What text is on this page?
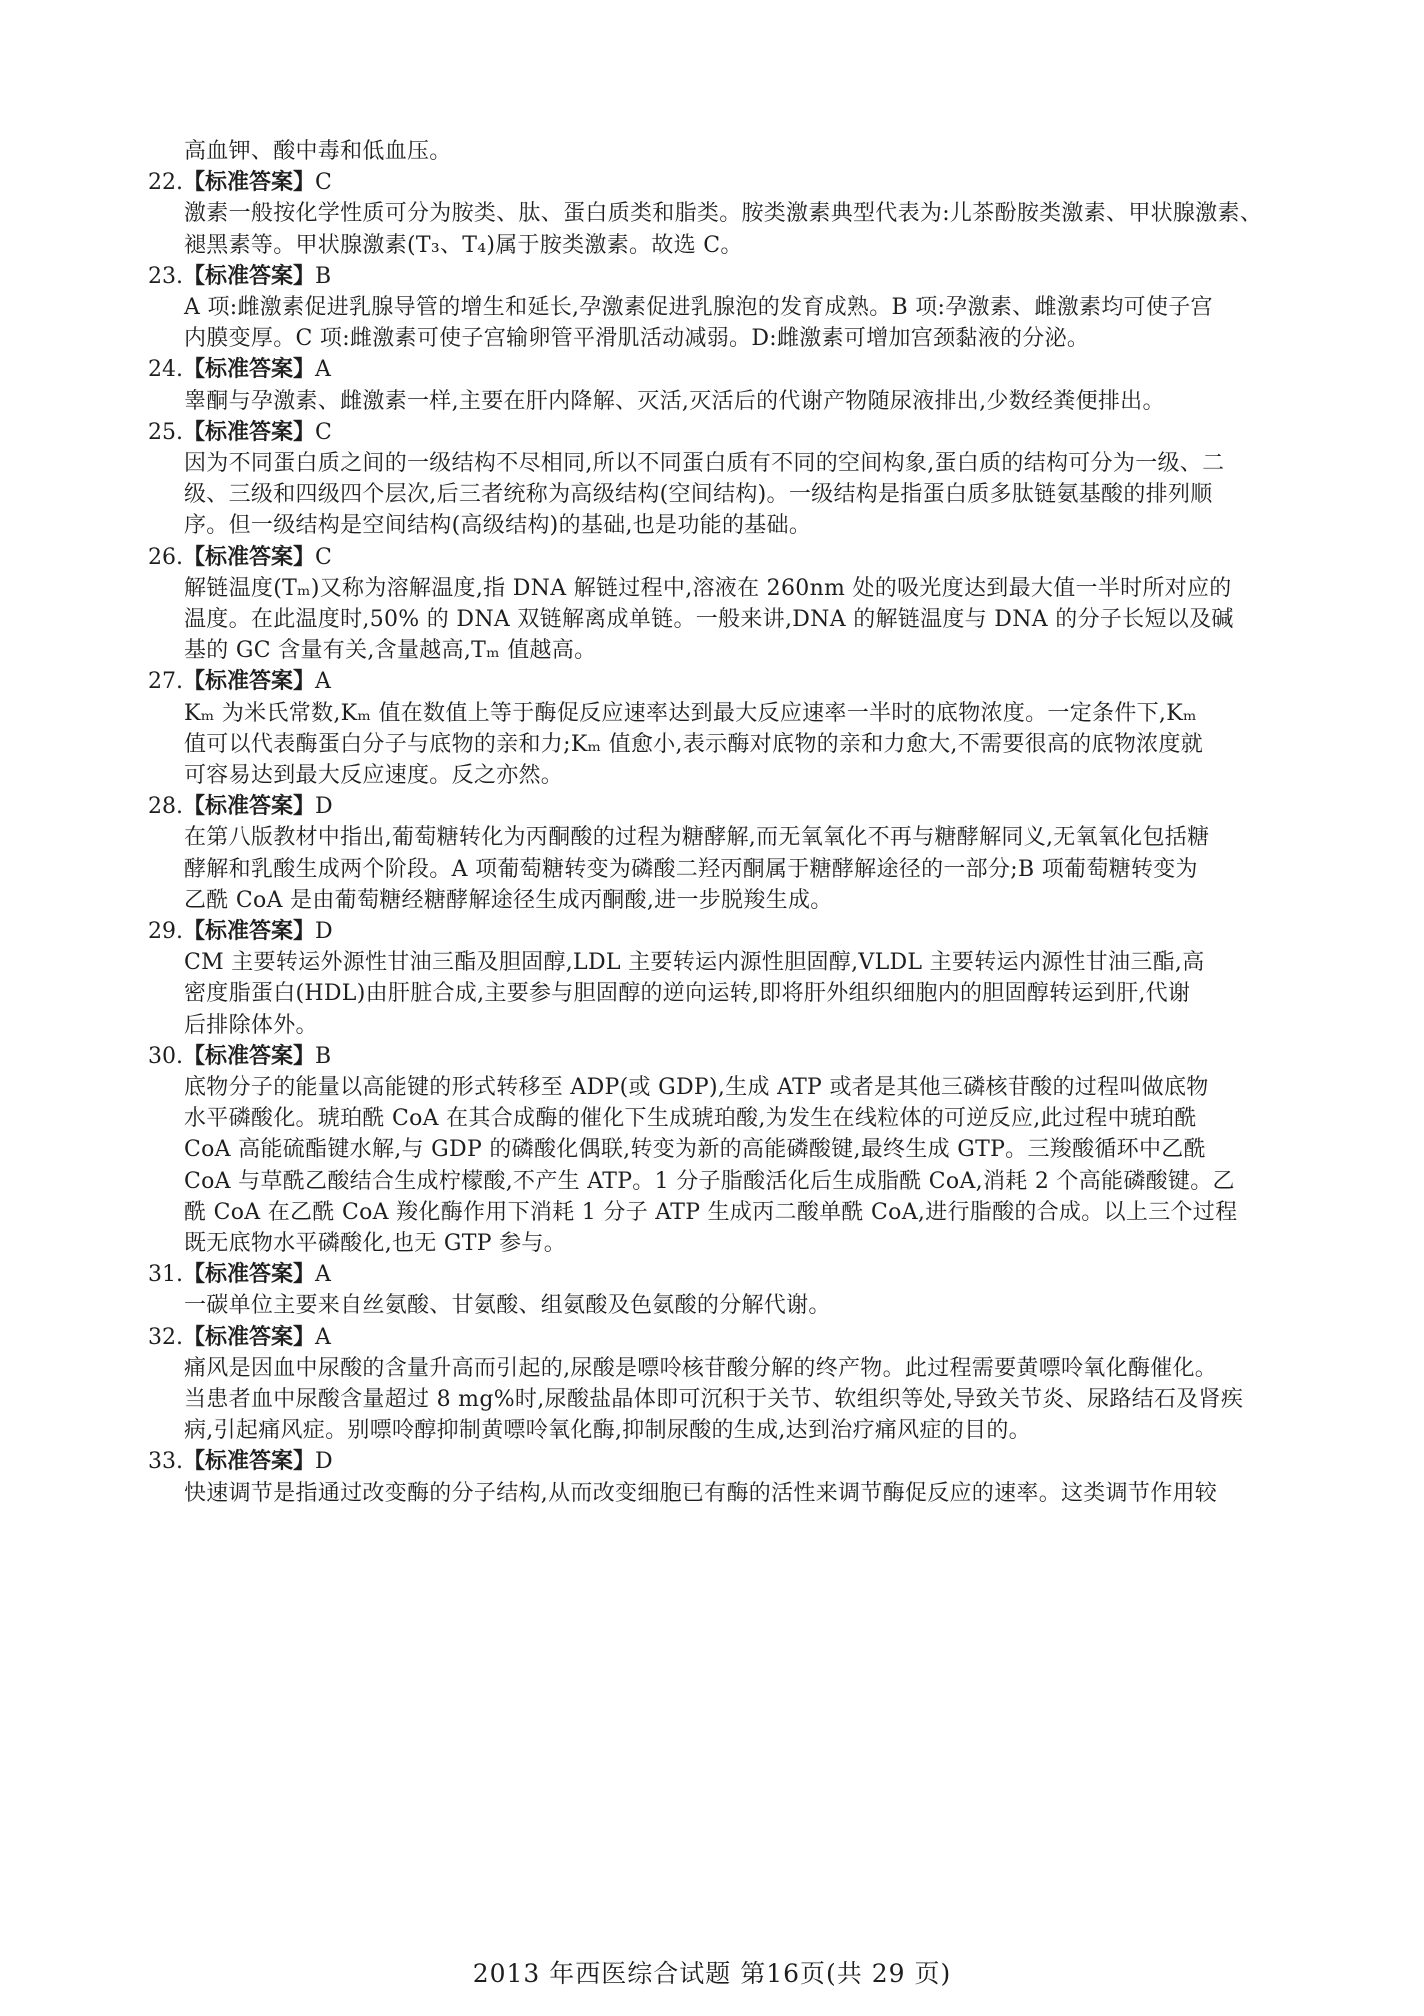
高血钾、酸中毒和低血压。
22.【标准答案】C
激素一般按化学性质可分为胺类、肽、蛋白质类和脂类。胺类激素典型代表为:儿茶酚胺类激素、甲状腺激素、
褪黑素等。甲状腺激素(T₃、T₄)属于胺类激素。故选 C。
23.【标准答案】B
A 项:雌激素促进乳腺导管的增生和延长,孕激素促进乳腺泡的发育成熟。B 项:孕激素、雌激素均可使子宫
内膜变厚。C 项:雌激素可使子宫输卵管平滑肌活动减弱。D:雌激素可增加宫颈黏液的分泌。
24.【标准答案】A
睾酮与孕激素、雌激素一样,主要在肝内降解、灭活,灭活后的代谢产物随尿液排出,少数经粪便排出。
25.【标准答案】C
因为不同蛋白质之间的一级结构不尽相同,所以不同蛋白质有不同的空间构象,蛋白质的结构可分为一级、二
级、三级和四级四个层次,后三者统称为高级结构(空间结构)。一级结构是指蛋白质多肽链氨基酸的排列顺
序。但一级结构是空间结构(高级结构)的基础,也是功能的基础。
26.【标准答案】C
解链温度(Tₘ)又称为溶解温度,指 DNA 解链过程中,溶液在 260nm 处的吸光度达到最大值一半时所对应的
温度。在此温度时,50% 的 DNA 双链解离成单链。一般来讲,DNA 的解链温度与 DNA 的分子长短以及碱
基的 GC 含量有关,含量越高,Tₘ 值越高。
27.【标准答案】A
Kₘ 为米氏常数,Kₘ 值在数值上等于酶促反应速率达到最大反应速率一半时的底物浓度。一定条件下,Kₘ
值可以代表酶蛋白分子与底物的亲和力;Kₘ 值愈小,表示酶对底物的亲和力愈大,不需要很高的底物浓度就
可容易达到最大反应速度。反之亦然。
28.【标准答案】D
在第八版教材中指出,葡萄糖转化为丙酮酸的过程为糖酵解,而无氧氧化不再与糖酵解同义,无氧氧化包括糖
酵解和乳酸生成两个阶段。A 项葡萄糖转变为磷酸二羟丙酮属于糖酵解途径的一部分;B 项葡萄糖转变为
乙酰 CoA 是由葡萄糖经糖酵解途径生成丙酮酸,进一步脱羧生成。
29.【标准答案】D
CM 主要转运外源性甘油三酯及胆固醇,LDL 主要转运内源性胆固醇,VLDL 主要转运内源性甘油三酯,高
密度脂蛋白(HDL)由肝脏合成,主要参与胆固醇的逆向运转,即将肝外组织细胞内的胆固醇转运到肝,代谢
后排除体外。
30.【标准答案】B
底物分子的能量以高能键的形式转移至 ADP(或 GDP),生成 ATP 或者是其他三磷核苷酸的过程叫做底物
水平磷酸化。琥珀酰 CoA 在其合成酶的催化下生成琥珀酸,为发生在线粒体的可逆反应,此过程中琥珀酰
CoA 高能硫酯键水解,与 GDP 的磷酸化偶联,转变为新的高能磷酸键,最终生成 GTP。三羧酸循环中乙酰
CoA 与草酰乙酸结合生成柠檬酸,不产生 ATP。1 分子脂酸活化后生成脂酰 CoA,消耗 2 个高能磷酸键。乙
酰 CoA 在乙酰 CoA 羧化酶作用下消耗 1 分子 ATP 生成丙二酸单酰 CoA,进行脂酸的合成。以上三个过程
既无底物水平磷酸化,也无 GTP 参与。
31.【标准答案】A
一碳单位主要来自丝氨酸、甘氨酸、组氨酸及色氨酸的分解代谢。
32.【标准答案】A
痛风是因血中尿酸的含量升高而引起的,尿酸是嘌呤核苷酸分解的终产物。此过程需要黄嘌呤氧化酶催化。
当患者血中尿酸含量超过 8 mg%时,尿酸盐晶体即可沉积于关节、软组织等处,导致关节炎、尿路结石及肾疾
病,引起痛风症。别嘌呤醇抑制黄嘌呤氧化酶,抑制尿酸的生成,达到治疗痛风症的目的。
33.【标准答案】D
快速调节是指通过改变酶的分子结构,从而改变细胞已有酶的活性来调节酶促反应的速率。这类调节作用较
2013 年西医综合试题 第16页(共 29 页)
